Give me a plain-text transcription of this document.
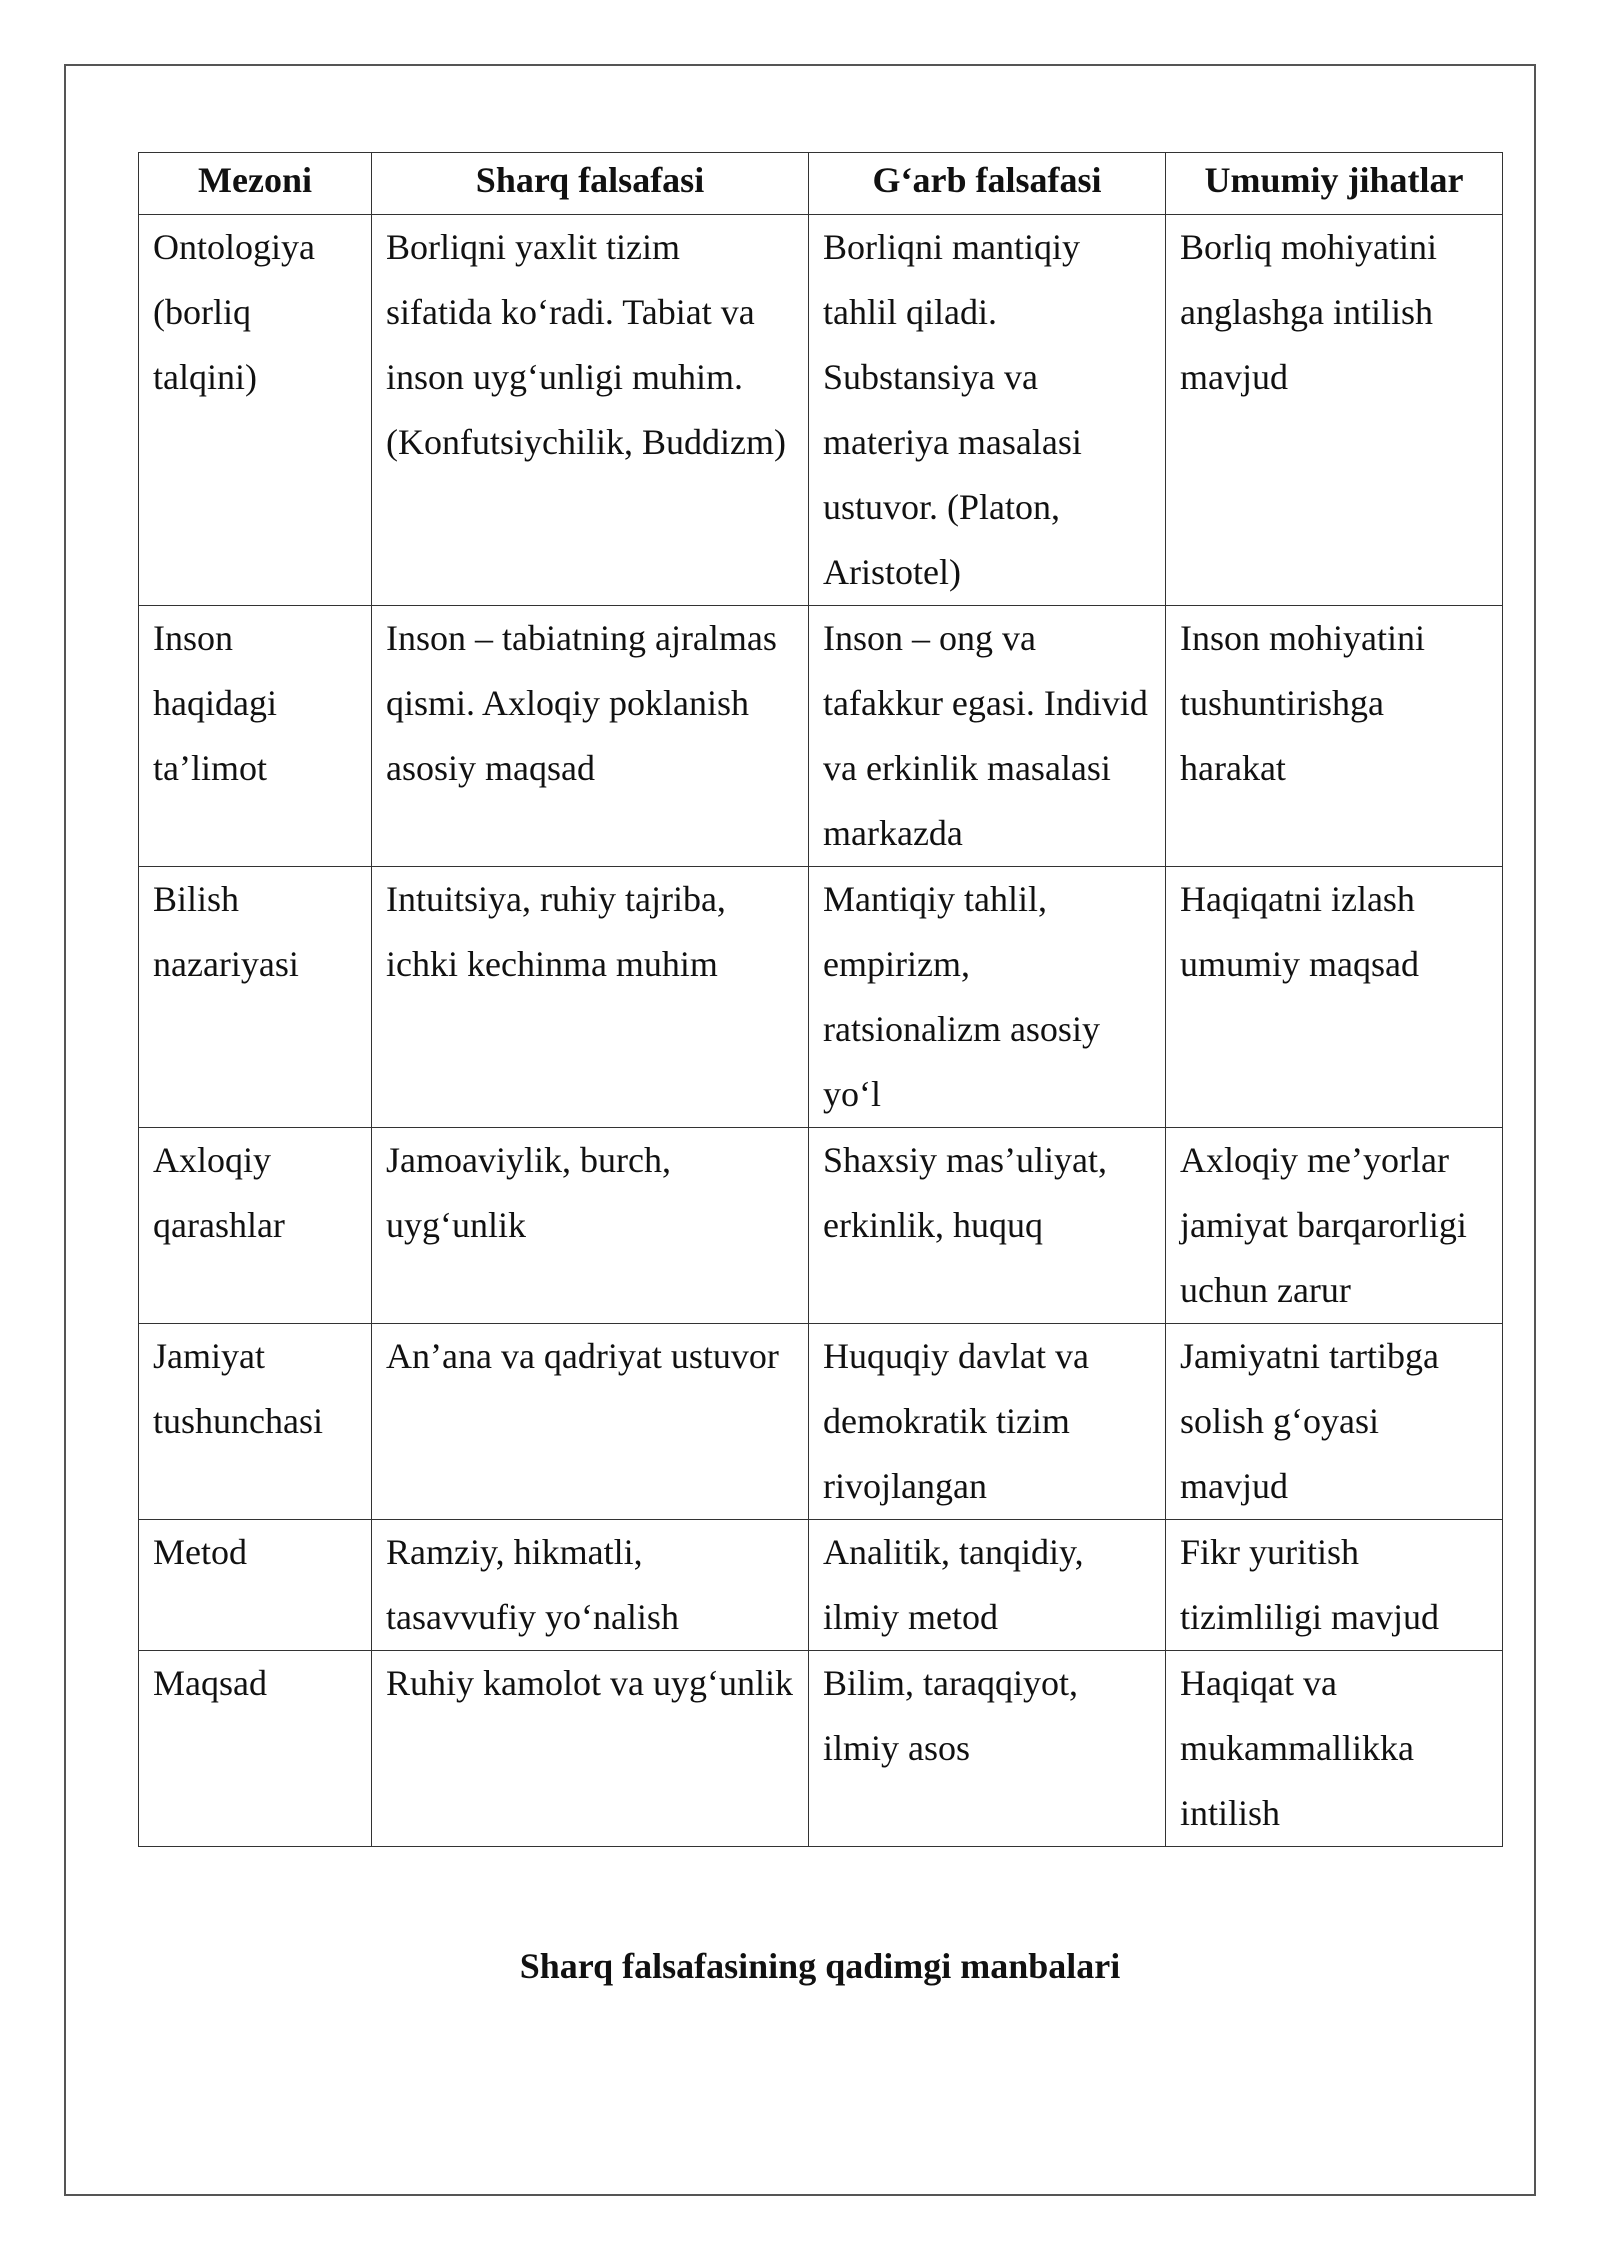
Mezoni	Sharq falsafasi	G‘arb falsafasi	Umumiy jihatlar
Ontologiya (borliq talqini)	Borliqni yaxlit tizim sifatida ko‘radi. Tabiat va inson uyg‘unligi muhim. (Konfutsiychilik, Buddizm)	Borliqni mantiqiy tahlil qiladi. Substansiya va materiya masalasi ustuvor. (Platon, Aristotel)	Borliq mohiyatini anglashga intilish mavjud
Inson haqidagi ta’limot	Inson – tabiatning ajralmas qismi. Axloqiy poklanish asosiy maqsad	Inson – ong va tafakkur egasi. Individ va erkinlik masalasi markazda	Inson mohiyatini tushuntirishga harakat
Bilish nazariyasi	Intuitsiya, ruhiy tajriba, ichki kechinma muhim	Mantiqiy tahlil, empirizm, ratsionalizm asosiy yo‘l	Haqiqatni izlash umumiy maqsad
Axloqiy qarashlar	Jamoaviylik, burch, uyg‘unlik	Shaxsiy mas’uliyat, erkinlik, huquq	Axloqiy me’yorlar jamiyat barqarorligi uchun zarur
Jamiyat tushunchasi	An’ana va qadriyat ustuvor	Huquqiy davlat va demokratik tizim rivojlangan	Jamiyatni tartibga solish g‘oyasi mavjud
Metod	Ramziy, hikmatli, tasavvufiy yo‘nalish	Analitik, tanqidiy, ilmiy metod	Fikr yuritish tizimliligi mavjud
Maqsad	Ruhiy kamolot va uyg‘unlik	Bilim, taraqqiyot, ilmiy asos	Haqiqat va mukammallikka intilish
Sharq falsafasining qadimgi manbalari
